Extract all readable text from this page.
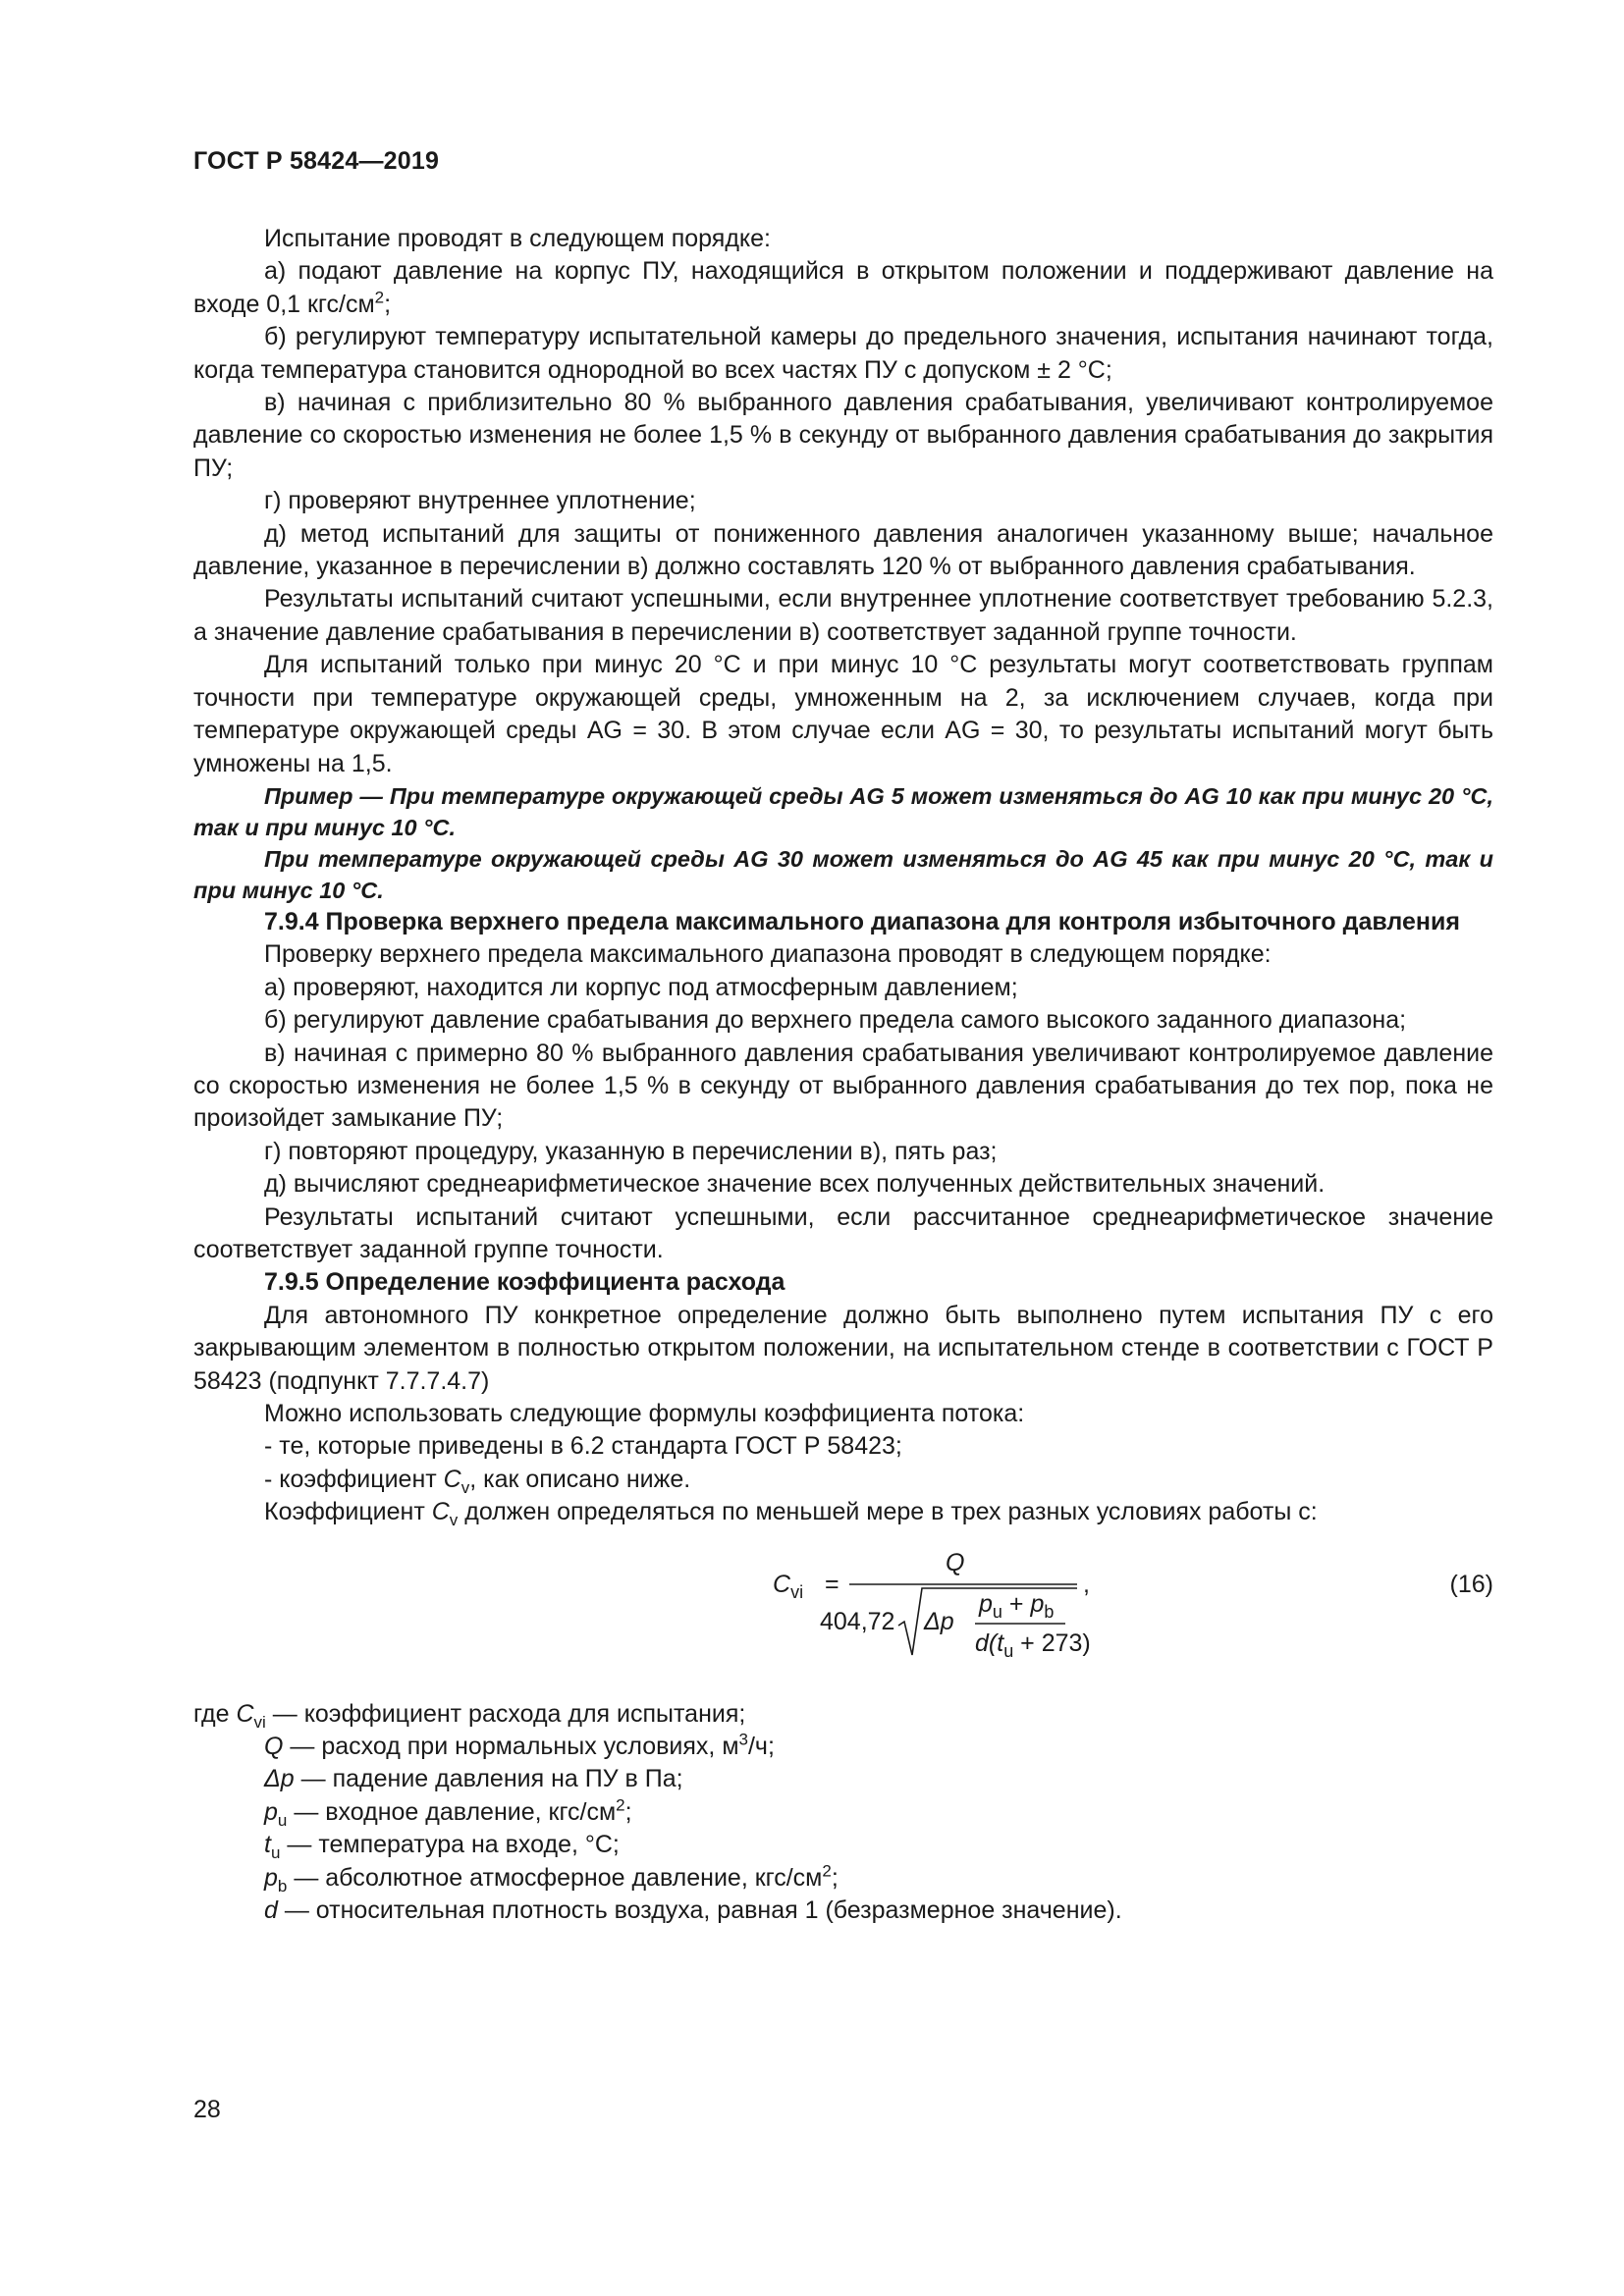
ГОСТ Р 58424—2019

Испытание проводят в следующем порядке:

а) подают давление на корпус ПУ, находящийся в открытом положении и поддерживают давление на входе 0,1 кгс/$см^2$;

б) регулируют температуру испытательной камеры до предельного значения, испытания начинают тогда, когда температура становится однородной во всех частях ПУ с допуском ± 2 °С;

в) начиная с приблизительно 80 % выбранного давления срабатывания, увеличивают контролируемое давление со скоростью изменения не более 1,5 % в секунду от выбранного давления срабатывания до закрытия ПУ;

г) проверяют внутреннее уплотнение;

д) метод испытаний для защиты от пониженного давления аналогичен указанному выше; начальное давление, указанное в перечислении в) должно составлять 120 % от выбранного давления срабатывания.

Результаты испытаний считают успешными, если внутреннее уплотнение соответствует требованию 5.2.3, а значение давление срабатывания в перечислении в) соответствует заданной группе точности.

Для испытаний только при минус 20 °С и при минус 10 °С результаты могут соответствовать группам точности при температуре окружающей среды, умноженным на 2, за исключением случаев, когда при температуре окружающей среды AG = 30. В этом случае если AG = 30, то результаты испытаний могут быть умножены на 1,5.

Пример — При температуре окружающей среды AG 5 может изменяться до AG 10 как при минус 20 °С, так и при минус 10 °С.

При температуре окружающей среды AG 30 может изменяться до AG 45 как при минус 20 °С, так и при минус 10 °С.

7.9.4 Проверка верхнего предела максимального диапазона для контроля избыточного давления

Проверку верхнего предела максимального диапазона проводят в следующем порядке:

а) проверяют, находится ли корпус под атмосферным давлением;

б) регулируют давление срабатывания до верхнего предела самого высокого заданного диапазона;

в) начиная с примерно 80 % выбранного давления срабатывания увеличивают контролируемое давление со скоростью изменения не более 1,5 % в секунду от выбранного давления срабатывания до тех пор, пока не произойдет замыкание ПУ;

г) повторяют процедуру, указанную в перечислении в), пять раз;

д) вычисляют среднеарифметическое значение всех полученных действительных значений.

Результаты испытаний считают успешными, если рассчитанное среднеарифметическое значение соответствует заданной группе точности.

7.9.5 Определение коэффициента расхода

Для автономного ПУ конкретное определение должно быть выполнено путем испытания ПУ с его закрывающим элементом в полностью открытом положении, на испытательном стенде в соответствии с ГОСТ Р 58423 (подпункт 7.7.7.4.7)

Можно использовать следующие формулы коэффициента потока:

- те, которые приведены в 6.2 стандарта ГОСТ Р 58423;

- коэффициент $C_v$, как описано ниже.

Коэффициент $C_v$ должен определяться по меньшей мере в трех разных условиях работы с:

$C_{vi}$ =
Q
404,72 Δp
$p_u + p_b$
$d(t_u + 273)$
,	(16)

где $C_{vi}$ — коэффициент расхода для испытания;

Q — расход при нормальных условиях, $м^3/ч$;

Δp — падение давления на ПУ в Па;

$p_u$ — входное давление, кгс/$см^2$;

$t_u$ — температура на входе, °С;

$p_b$ — абсолютное атмосферное давление, кгс/$см^2$;

d — относительная плотность воздуха, равная 1 (безразмерное значение).

28
